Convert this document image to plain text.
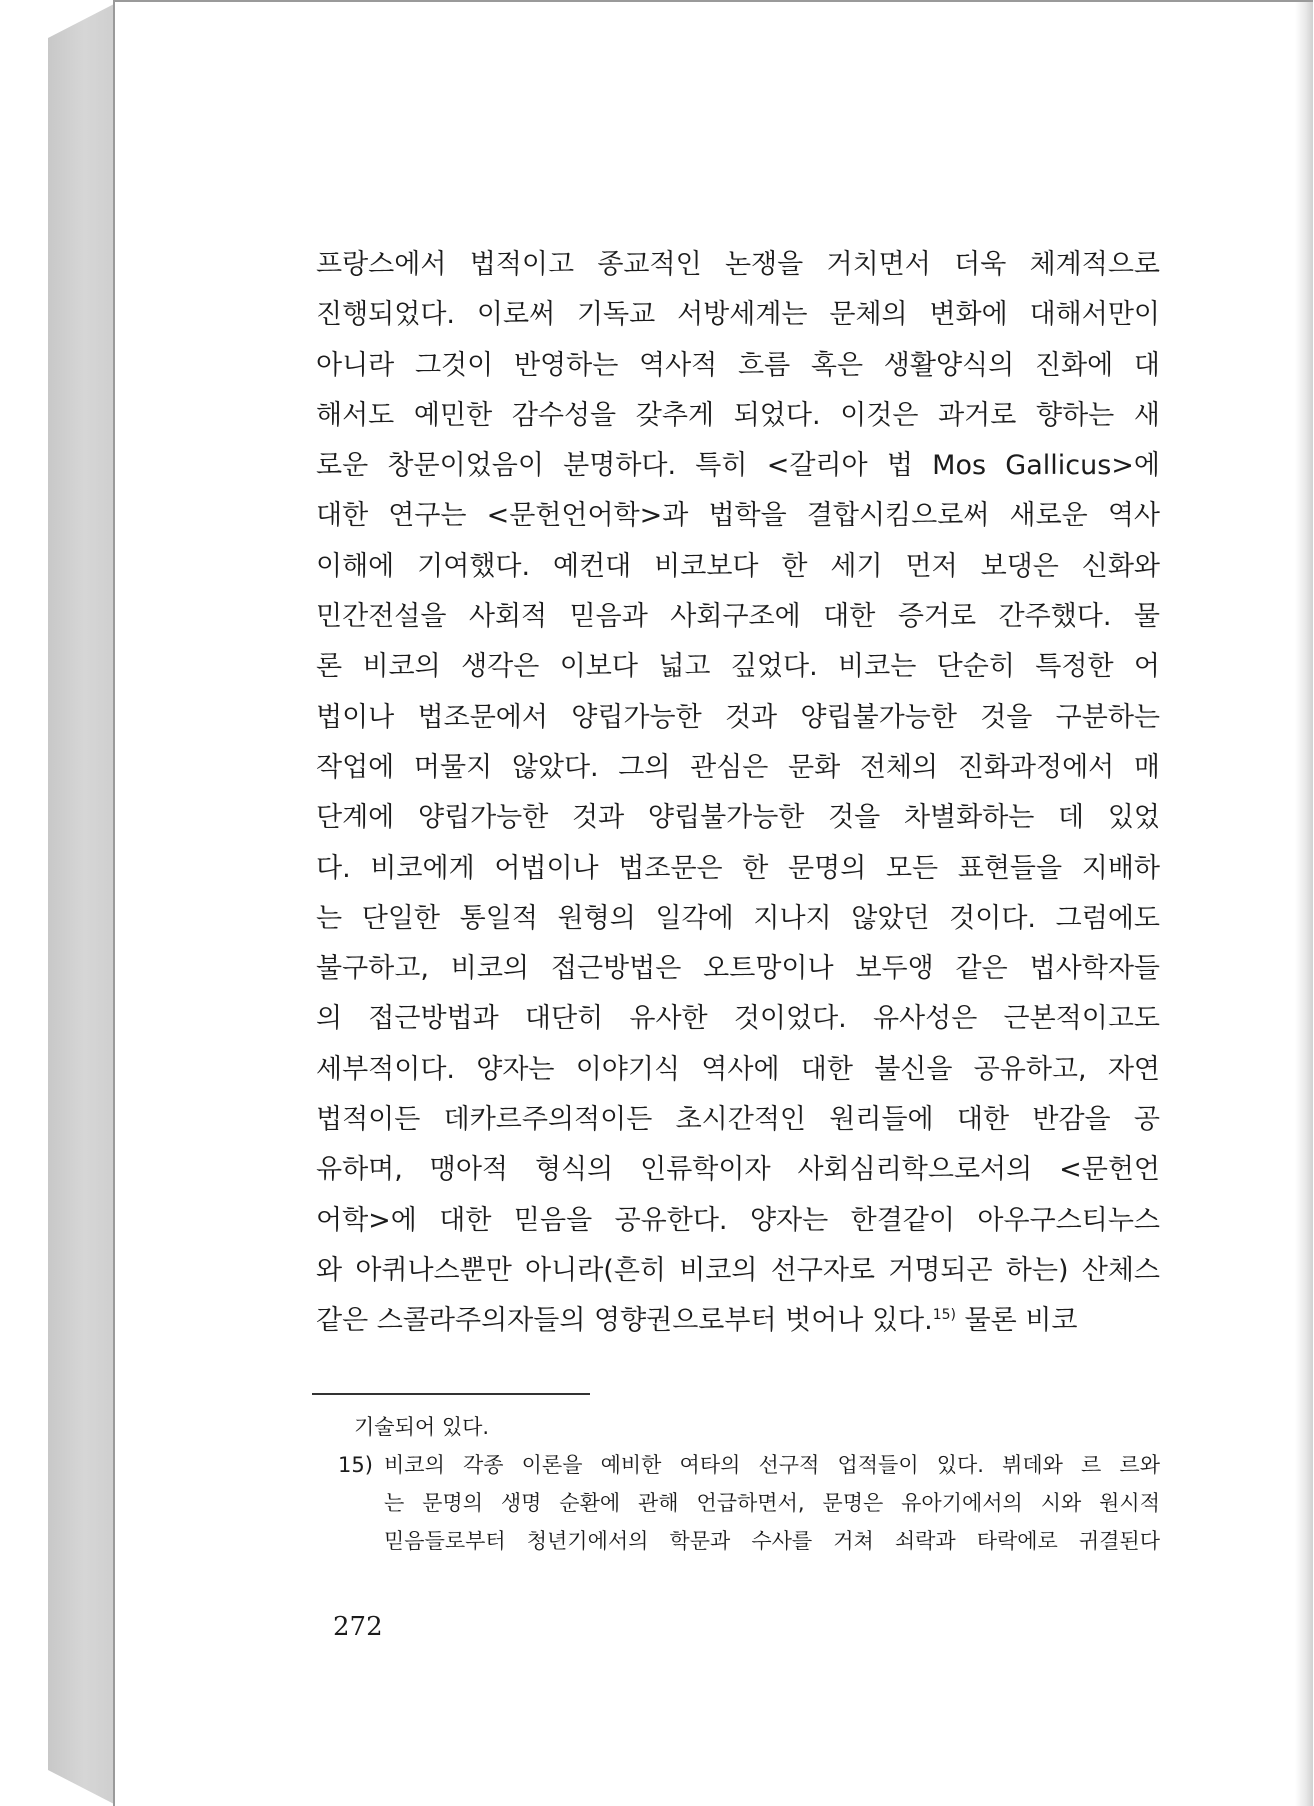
프랑스에서 법적이고 종교적인 논쟁을 거치면서 더욱 체계적으로
진행되었다. 이로써 기독교 서방세계는 문체의 변화에 대해서만이
아니라 그것이 반영하는 역사적 흐름 혹은 생활양식의 진화에 대
해서도 예민한 감수성을 갖추게 되었다. 이것은 과거로 향하는 새
로운 창문이었음이 분명하다. 특히 <갈리아 법 Mos Gallicus>에
대한 연구는 <문헌언어학>과 법학을 결합시킴으로써 새로운 역사
이해에 기여했다. 예컨대 비코보다 한 세기 먼저 보댕은 신화와
민간전설을 사회적 믿음과 사회구조에 대한 증거로 간주했다. 물
론 비코의 생각은 이보다 넓고 깊었다. 비코는 단순히 특정한 어
법이나 법조문에서 양립가능한 것과 양립불가능한 것을 구분하는
작업에 머물지 않았다. 그의 관심은 문화 전체의 진화과정에서 매
단계에 양립가능한 것과 양립불가능한 것을 차별화하는 데 있었
다. 비코에게 어법이나 법조문은 한 문명의 모든 표현들을 지배하
는 단일한 통일적 원형의 일각에 지나지 않았던 것이다. 그럼에도
불구하고, 비코의 접근방법은 오트망이나 보두앵 같은 법사학자들
의 접근방법과 대단히 유사한 것이었다. 유사성은 근본적이고도
세부적이다. 양자는 이야기식 역사에 대한 불신을 공유하고, 자연
법적이든 데카르주의적이든 초시간적인 원리들에 대한 반감을 공
유하며, 맹아적 형식의 인류학이자 사회심리학으로서의 <문헌언
어학>에 대한 믿음을 공유한다. 양자는 한결같이 아우구스티누스
와 아퀴나스뿐만 아니라(흔히 비코의 선구자로 거명되곤 하는) 산체스
같은 스콜라주의자들의 영향권으로부터 벗어나 있다.$^{15)}$ 물론 비코
기술되어 있다.
15) 비코의 각종 이론을 예비한 여타의 선구적 업적들이 있다. 뷔데와 르 르와
는 문명의 생명 순환에 관해 언급하면서, 문명은 유아기에서의 시와 원시적
믿음들로부터 청년기에서의 학문과 수사를 거쳐 쇠락과 타락에로 귀결된다
272
